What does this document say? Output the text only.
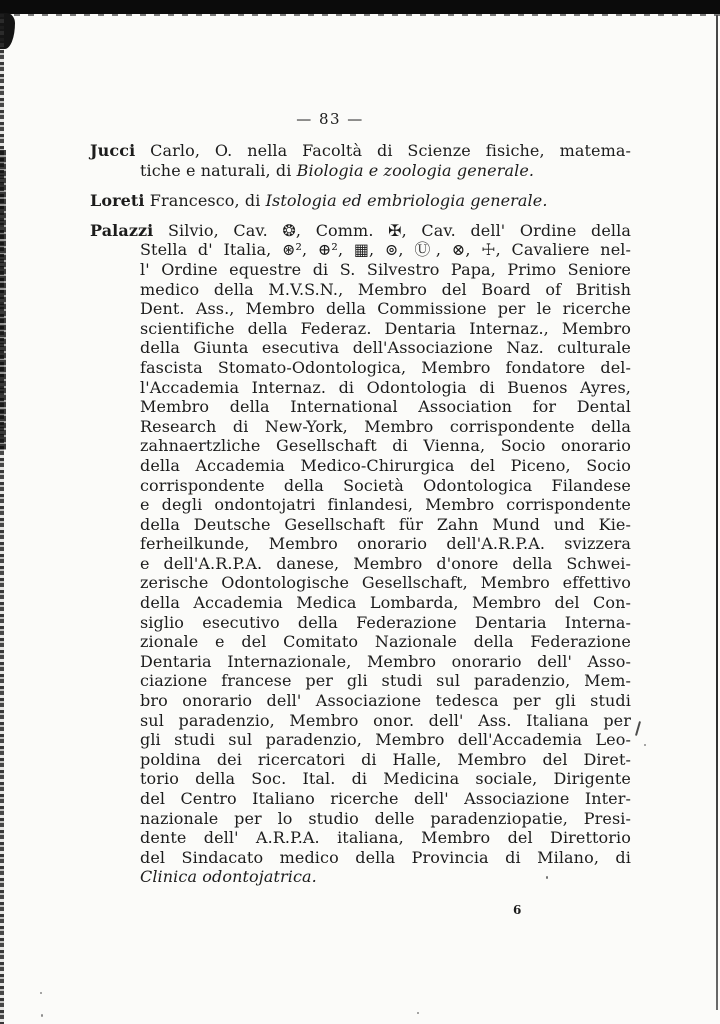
— 83 —
Jucci Carlo, O. nella Facoltà di Scienze fisiche, matema-
tiche e naturali, di Biologia e zoologia generale.
Loreti Francesco, di Istologia ed embriologia generale.
Palazzi Silvio, Cav. ❂, Comm. ✠, Cav. dell' Ordine della
Stella d' Italia, ⊛², ⊕², ▦, ⊚, Ⓤ, ⊗, ☩, Cavaliere nel-
l' Ordine equestre di S. Silvestro Papa, Primo Seniore
medico della M.V.S.N., Membro del Board of British
Dent. Ass., Membro della Commissione per le ricerche
scientifiche della Federaz. Dentaria Internaz., Membro
della Giunta esecutiva dell'Associazione Naz. culturale
fascista Stomato-Odontologica, Membro fondatore del-
l'Accademia Internaz. di Odontologia di Buenos Ayres,
Membro della International Association for Dental
Research di New-York, Membro corrispondente della
zahnaertzliche Gesellschaft di Vienna, Socio onorario
della Accademia Medico-Chirurgica del Piceno, Socio
corrispondente della Società Odontologica Filandese
e degli ondontojatri finlandesi, Membro corrispondente
della Deutsche Gesellschaft für Zahn Mund und Kie-
ferheilkunde, Membro onorario dell'A.R.P.A. svizzera
e dell'A.R.P.A. danese, Membro d'onore della Schwei-
zerische Odontologische Gesellschaft, Membro effettivo
della Accademia Medica Lombarda, Membro del Con-
siglio esecutivo della Federazione Dentaria Interna-
zionale e del Comitato Nazionale della Federazione
Dentaria Internazionale, Membro onorario dell' Asso-
ciazione francese per gli studi sul paradenzio, Mem-
bro onorario dell' Associazione tedesca per gli studi
sul paradenzio, Membro onor. dell' Ass. Italiana per
gli studi sul paradenzio, Membro dell'Accademia Leo-
poldina dei ricercatori di Halle, Membro del Diret-
torio della Soc. Ital. di Medicina sociale, Dirigente
del Centro Italiano ricerche dell' Associazione Inter-
nazionale per lo studio delle paradenziopatie, Presi-
dente dell' A.R.P.A. italiana, Membro del Direttorio
del Sindacato medico della Provincia di Milano, di
Clinica odontojatrica.
6
